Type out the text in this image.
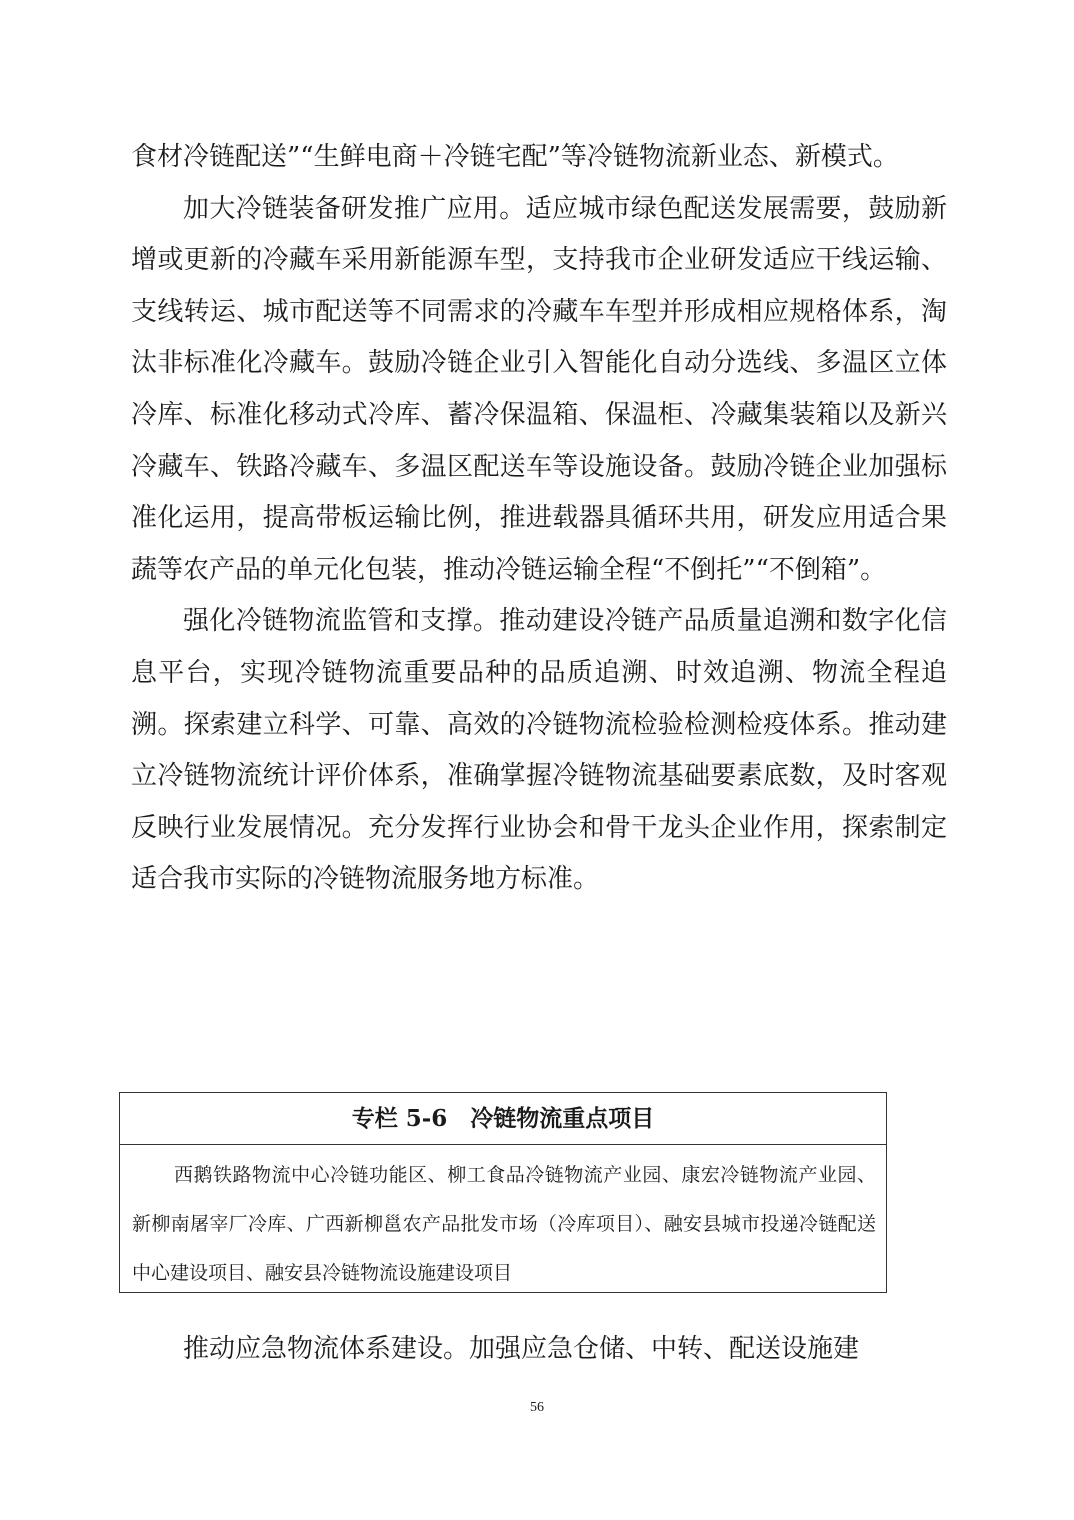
食材冷链配送”“生鲜电商＋冷链宅配”等冷链物流新业态、新模式。

加大冷链装备研发推广应用。适应城市绿色配送发展需要，鼓励新增或更新的冷藏车采用新能源车型，支持我市企业研发适应干线运输、支线转运、城市配送等不同需求的冷藏车车型并形成相应规格体系，淘汰非标准化冷藏车。鼓励冷链企业引入智能化自动分选线、多温区立体冷库、标准化移动式冷库、蓄冷保温箱、保温柜、冷藏集装箱以及新兴冷藏车、铁路冷藏车、多温区配送车等设施设备。鼓励冷链企业加强标准化运用，提高带板运输比例，推进载器具循环共用，研发应用适合果蔬等农产品的单元化包装，推动冷链运输全程“不倒托”“不倒箱”。

强化冷链物流监管和支撑。推动建设冷链产品质量追溯和数字化信息平台，实现冷链物流重要品种的品质追溯、时效追溯、物流全程追溯。探索建立科学、可靠、高效的冷链物流检验检测检疫体系。推动建立冷链物流统计评价体系，准确掌握冷链物流基础要素底数，及时客观反映行业发展情况。充分发挥行业协会和骨干龙头企业作用，探索制定适合我市实际的冷链物流服务地方标准。

专栏 5-6　冷链物流重点项目
西鹅铁路物流中心冷链功能区、柳工食品冷链物流产业园、康宏冷链物流产业园、新柳南屠宰厂冷库、广西新柳邕农产品批发市场（冷库项目）、融安县城市投递冷链配送中心建设项目、融安县冷链物流设施建设项目

推动应急物流体系建设。加强应急仓储、中转、配送设施建

56
